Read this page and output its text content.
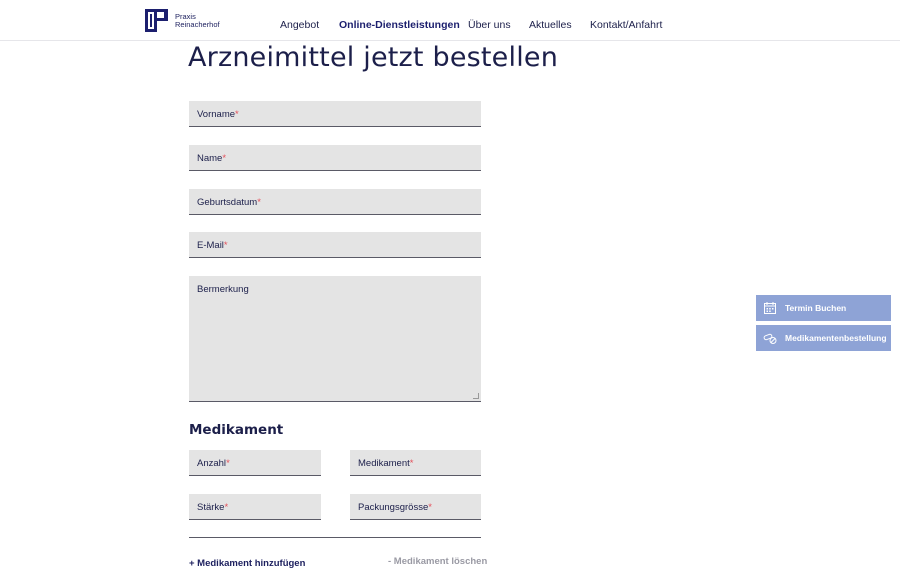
Praxis
Reinacherhof	Angebot Online-Dienstleistungen Über uns Aktuelles Kontakt/Anfahrt
Arzneimittel jetzt bestellen
Vorname*
Name*
Geburtsdatum*
E-Mail*
Bermerkung
Medikament
Anzahl*	Medikament*
Stärke*	Packungsgrösse*
+ Medikament hinzufügen	- Medikament löschen
Termin Buchen
Medikamentenbestellung
